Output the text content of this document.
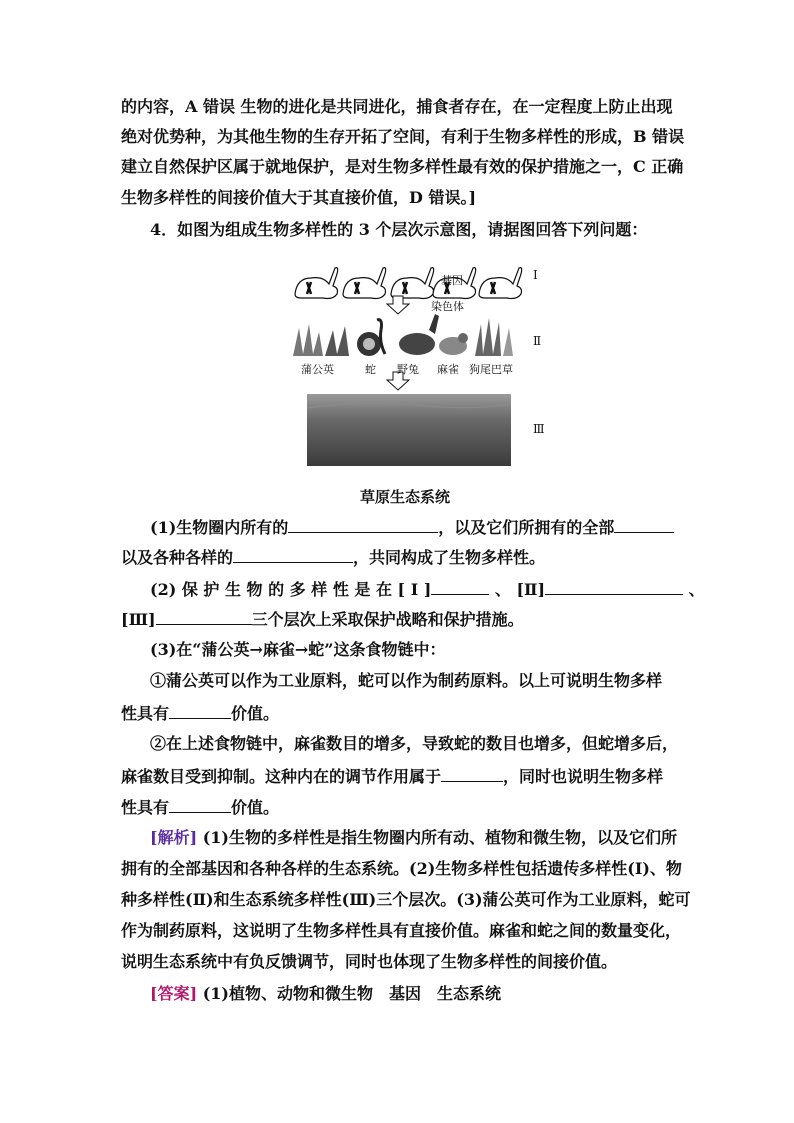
的内容，A 错误 生物的进化是共同进化，捕食者存在，在一定程度上防止出现
绝对优势种，为其他生物的生存开拓了空间，有利于生物多样性的形成，B 错误
建立自然保护区属于就地保护，是对生物多样性最有效的保护措施之一，C 正确
生物多样性的间接价值大于其直接价值，D 错误。]
4．如图为组成生物多样性的 3 个层次示意图，请据图回答下列问题：
基因
染色体
Ⅰ
Ⅱ
Ⅲ
蒲公英	蛇 野兔 麻雀 狗尾巴草
草原生态系统
(1)生物圈内所有的	，以及它们所拥有的全部
以及各种各样的	，共同构成了生物多样性。
(2) 保 护 生 物 的 多 样 性 是 在 [ Ⅰ ]	、 [Ⅱ]	、
[Ⅲ]	三个层次上采取保护战略和保护措施。
(3)在“蒲公英→麻雀→蛇”这条食物链中：
①蒲公英可以作为工业原料，蛇可以作为制药原料。以上可说明生物多样
性具有	价值。
②在上述食物链中，麻雀数目的增多，导致蛇的数目也增多，但蛇增多后，
麻雀数目受到抑制。这种内在的调节作用属于	，同时也说明生物多样
性具有	价值。
[解析] (1)生物的多样性是指生物圈内所有动、植物和微生物，以及它们所
拥有的全部基因和各种各样的生态系统。(2)生物多样性包括遗传多样性(Ⅰ)、物
种多样性(Ⅱ)和生态系统多样性(Ⅲ)三个层次。(3)蒲公英可作为工业原料，蛇可
作为制药原料，这说明了生物多样性具有直接价值。麻雀和蛇之间的数量变化，
说明生态系统中有负反馈调节，同时也体现了生物多样性的间接价值。
[答案] (1)植物、动物和微生物　基因　生态系统
